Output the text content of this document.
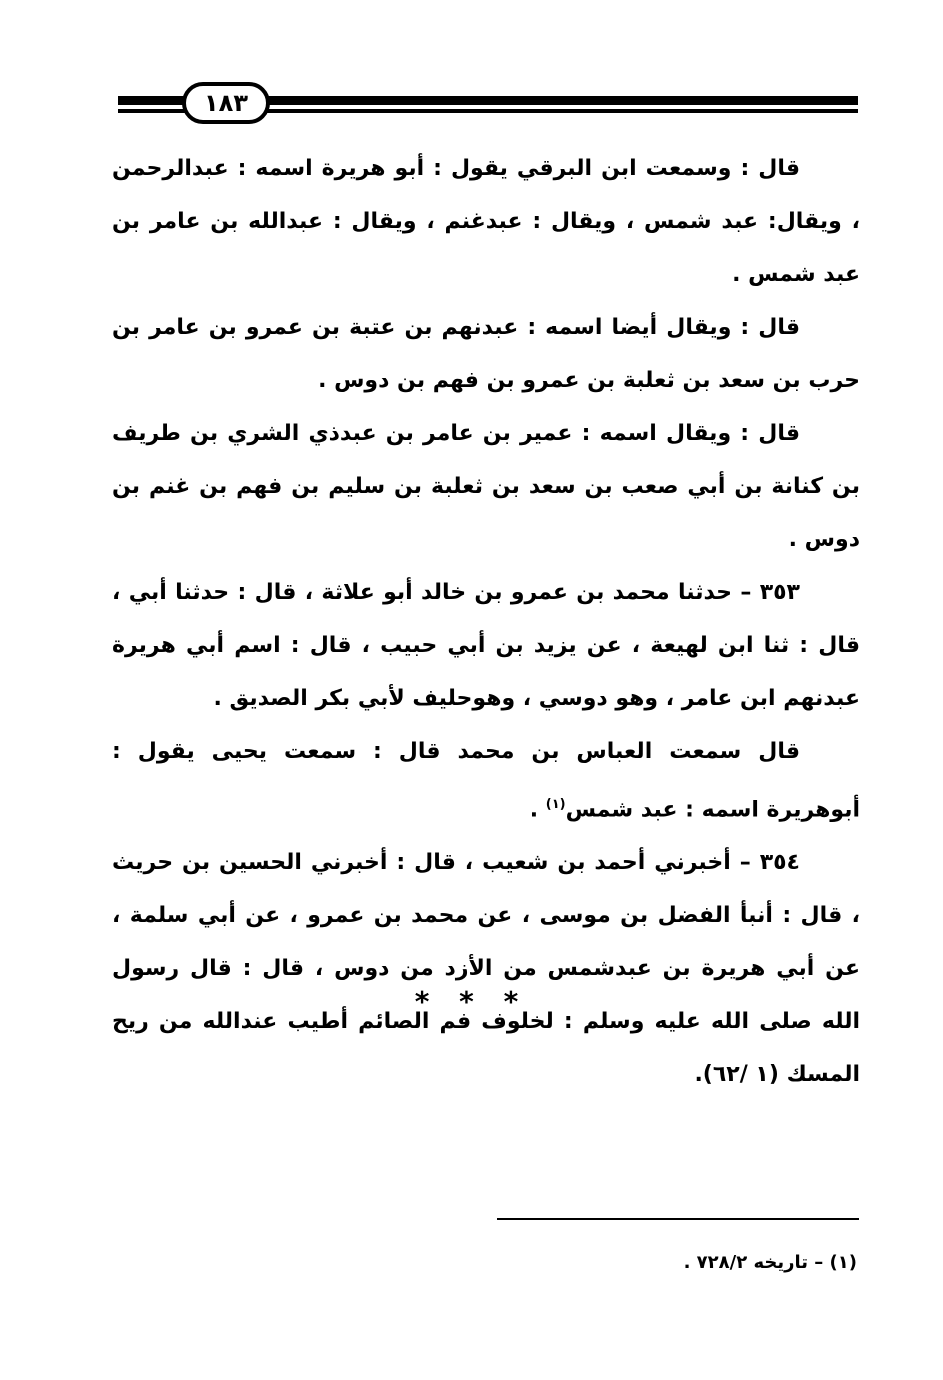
١٨٣

قال : وسمعت ابن البرقي يقول : أبو هريرة اسمه : عبدالرحمن ، ويقال: عبد شمس ، ويقال : عبدغنم ، ويقال : عبدالله بن عامر بن عبد شمس .

قال : ويقال أيضا اسمه : عبدنهم بن عتبة بن عمرو بن عامر بن حرب بن سعد بن ثعلبة بن عمرو بن فهم بن دوس .

قال : ويقال اسمه : عمير بن عامر بن عبدذي الشري بن طريف بن كنانة بن أبي صعب بن سعد بن ثعلبة بن سليم بن فهم بن غنم بن دوس .

٣٥٣ – حدثنا محمد بن عمرو بن خالد أبو علاثة ، قال : حدثنا أبي ، قال : ثنا ابن لهيعة ، عن يزيد بن أبي حبيب ، قال : اسم أبي هريرة عبدنهم ابن عامر ، وهو دوسي ، وهوحليف لأبي بكر الصديق .

قال سمعت العباس بن محمد قال : سمعت يحيى يقول : أبوهريرة اسمه : عبد شمس$^{(١)}$ .

٣٥٤ – أخبرني أحمد بن شعيب ، قال : أخبرني الحسين بن حريث ، قال : أنبأ الفضل بن موسى ، عن محمد بن عمرو ، عن أبي سلمة ، عن أبي هريرة بن عبدشمس من الأزد من دوس ، قال : قال رسول الله صلى الله عليه وسلم : لخلوف فم الصائم أطيب عندالله من ريح المسك (١ /٦٢).

* * *
(١) – تاريخه ٧٢٨/٢ .
